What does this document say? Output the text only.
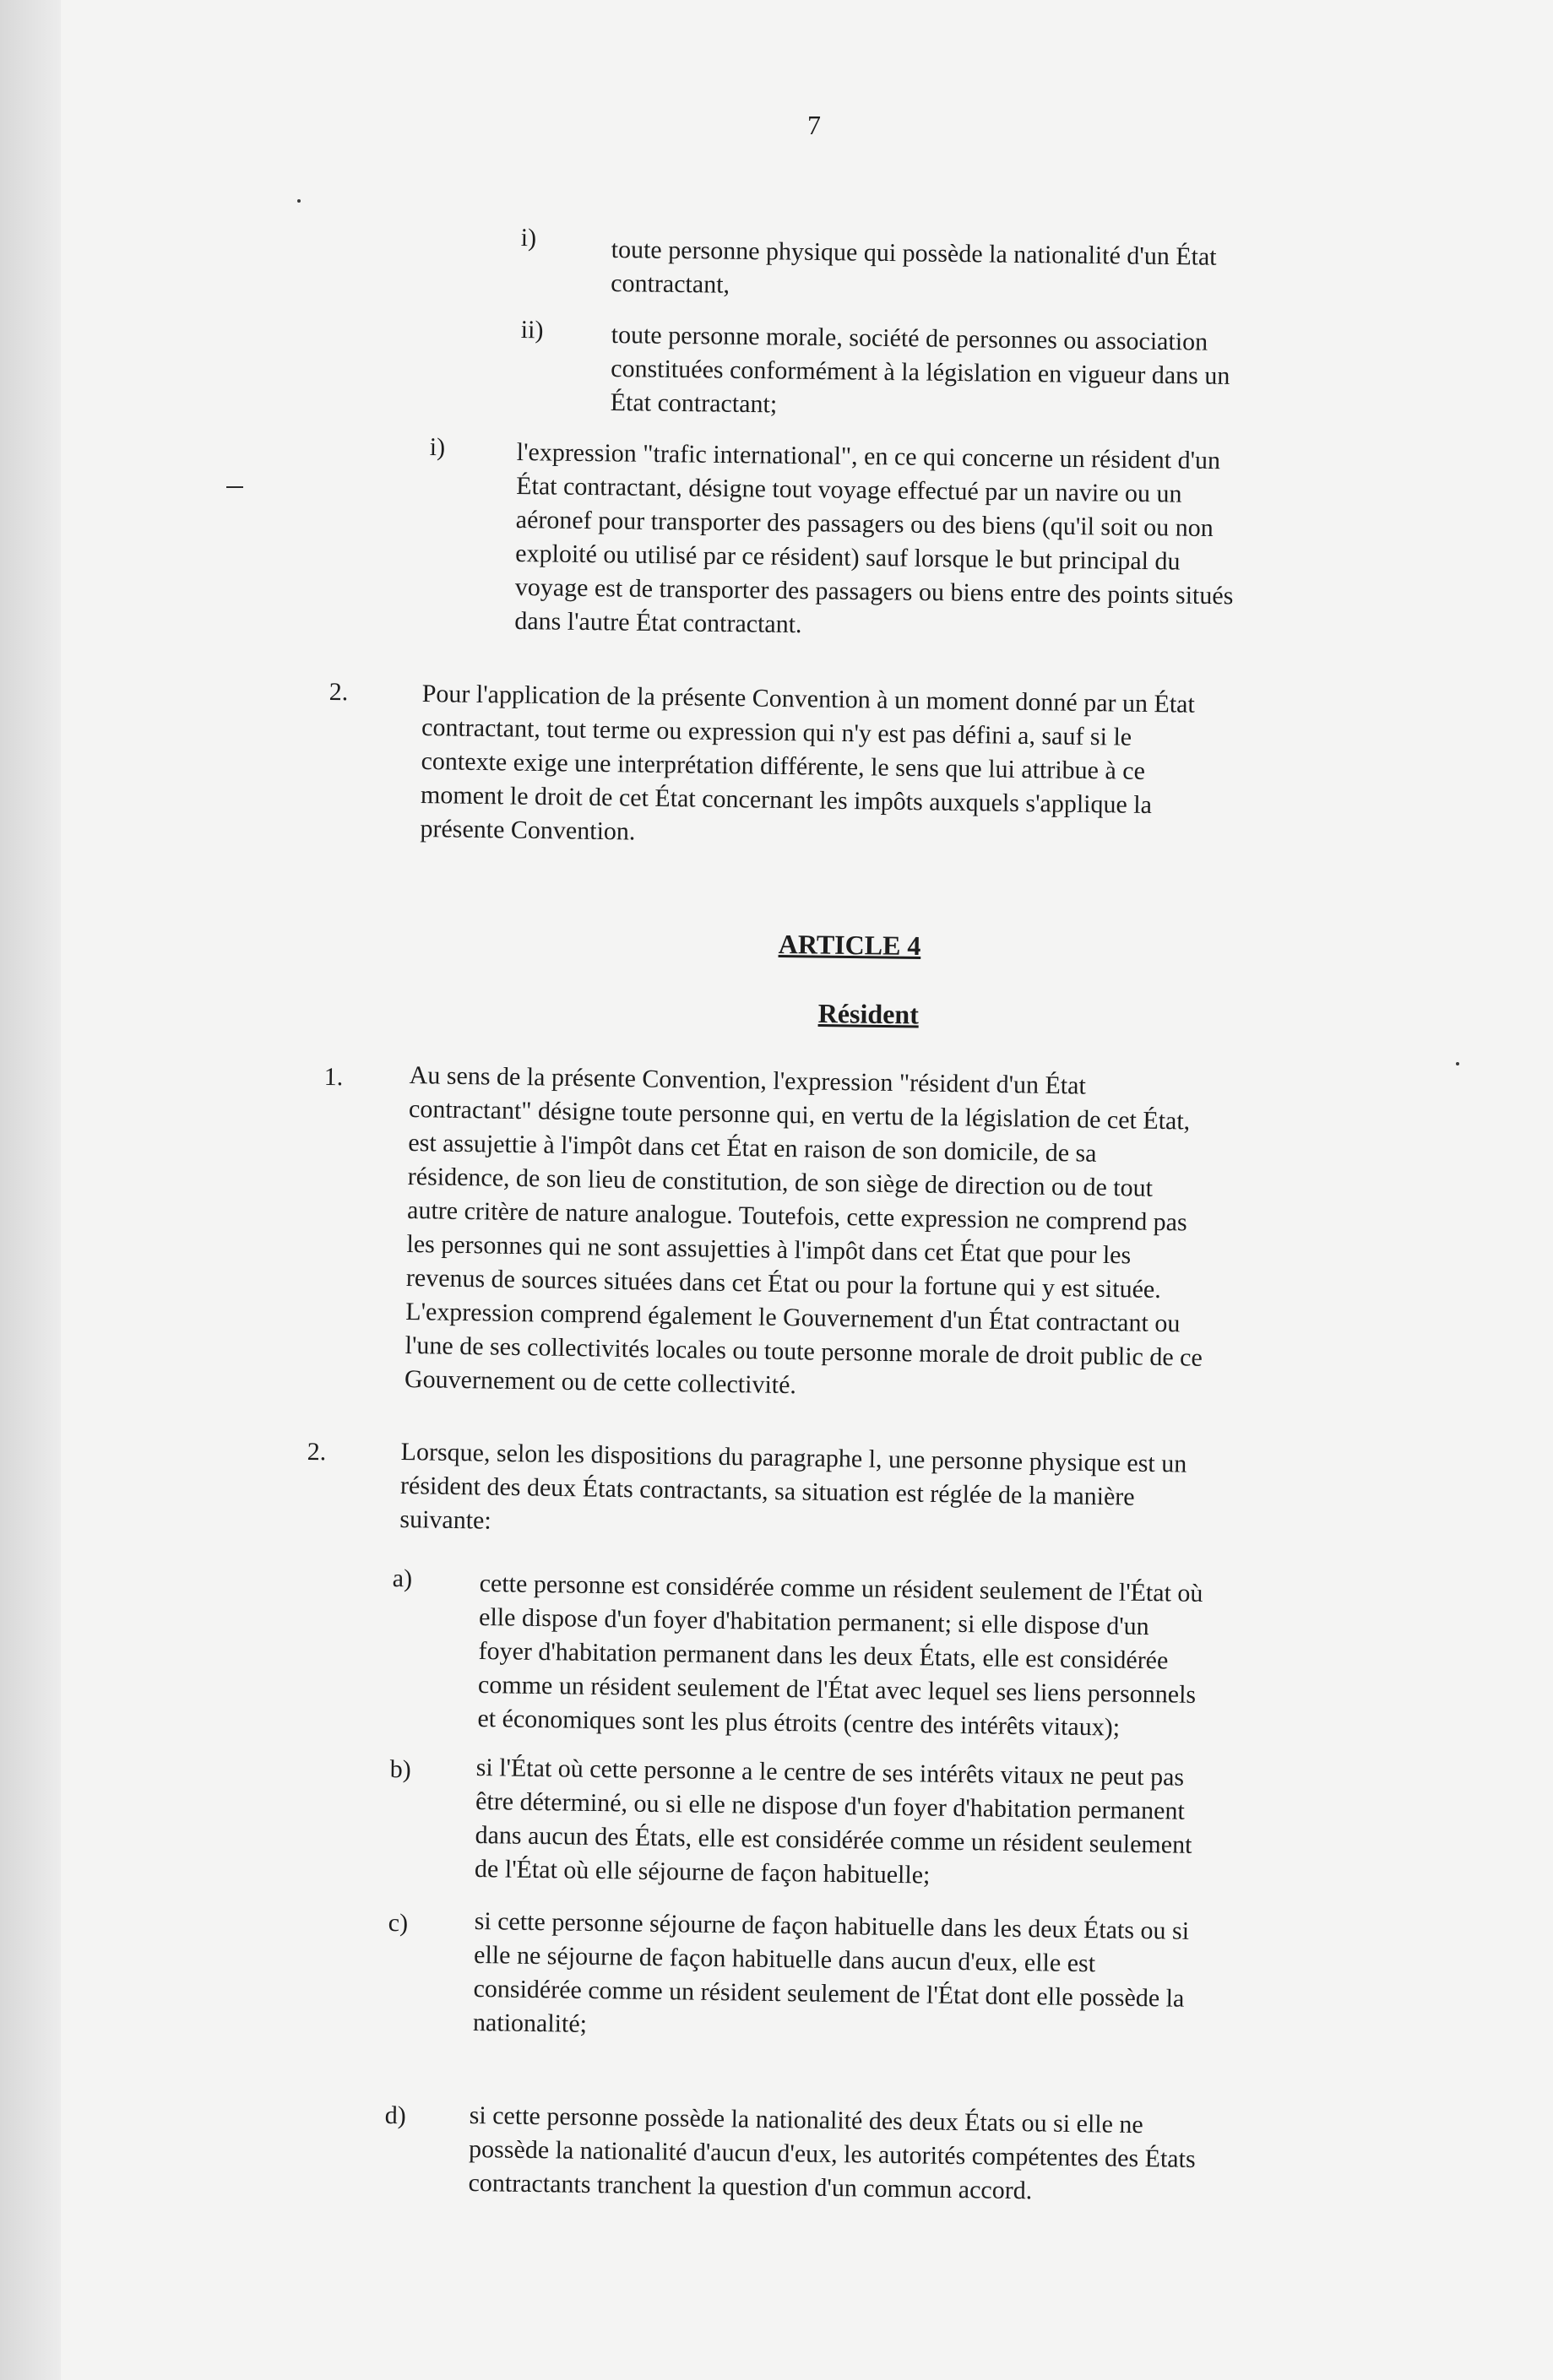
7
i)	toute personne physique qui possède la nationalité d'un État
contractant,
ii)	toute personne morale, société de personnes ou association
constituées conformément à la législation en vigueur dans un
État contractant;
i)	l'expression "trafic international", en ce qui concerne un résident d'un
État contractant, désigne tout voyage effectué par un navire ou un
aéronef pour transporter des passagers ou des biens (qu'il soit ou non
exploité ou utilisé par ce résident) sauf lorsque le but principal du
voyage est de transporter des passagers ou biens entre des points situés
dans l'autre État contractant.
2.	Pour l'application de la présente Convention à un moment donné par un État
contractant, tout terme ou expression qui n'y est pas défini a, sauf si le
contexte exige une interprétation différente, le sens que lui attribue à ce
moment le droit de cet État concernant les impôts auxquels s'applique la
présente Convention.
ARTICLE 4
Résident
1.	Au sens de la présente Convention, l'expression "résident d'un État
contractant" désigne toute personne qui, en vertu de la législation de cet État,
est assujettie à l'impôt dans cet État en raison de son domicile, de sa
résidence, de son lieu de constitution, de son siège de direction ou de tout
autre critère de nature analogue. Toutefois, cette expression ne comprend pas
les personnes qui ne sont assujetties à l'impôt dans cet État que pour les
revenus de sources situées dans cet État ou pour la fortune qui y est située.
L'expression comprend également le Gouvernement d'un État contractant ou
l'une de ses collectivités locales ou toute personne morale de droit public de ce
Gouvernement ou de cette collectivité.
2.	Lorsque, selon les dispositions du paragraphe l, une personne physique est un
résident des deux États contractants, sa situation est réglée de la manière
suivante:
a)	cette personne est considérée comme un résident seulement de l'État où
elle dispose d'un foyer d'habitation permanent; si elle dispose d'un
foyer d'habitation permanent dans les deux États, elle est considérée
comme un résident seulement de l'État avec lequel ses liens personnels
et économiques sont les plus étroits (centre des intérêts vitaux);
b)	si l'État où cette personne a le centre de ses intérêts vitaux ne peut pas
être déterminé, ou si elle ne dispose d'un foyer d'habitation permanent
dans aucun des États, elle est considérée comme un résident seulement
de l'État où elle séjourne de façon habituelle;
c)	si cette personne séjourne de façon habituelle dans les deux États ou si
elle ne séjourne de façon habituelle dans aucun d'eux, elle est
considérée comme un résident seulement de l'État dont elle possède la
nationalité;
d) si cette personne possède la nationalité des deux États ou si elle ne
possède la nationalité d'aucun d'eux, les autorités compétentes des États
contractants tranchent la question d'un commun accord.
